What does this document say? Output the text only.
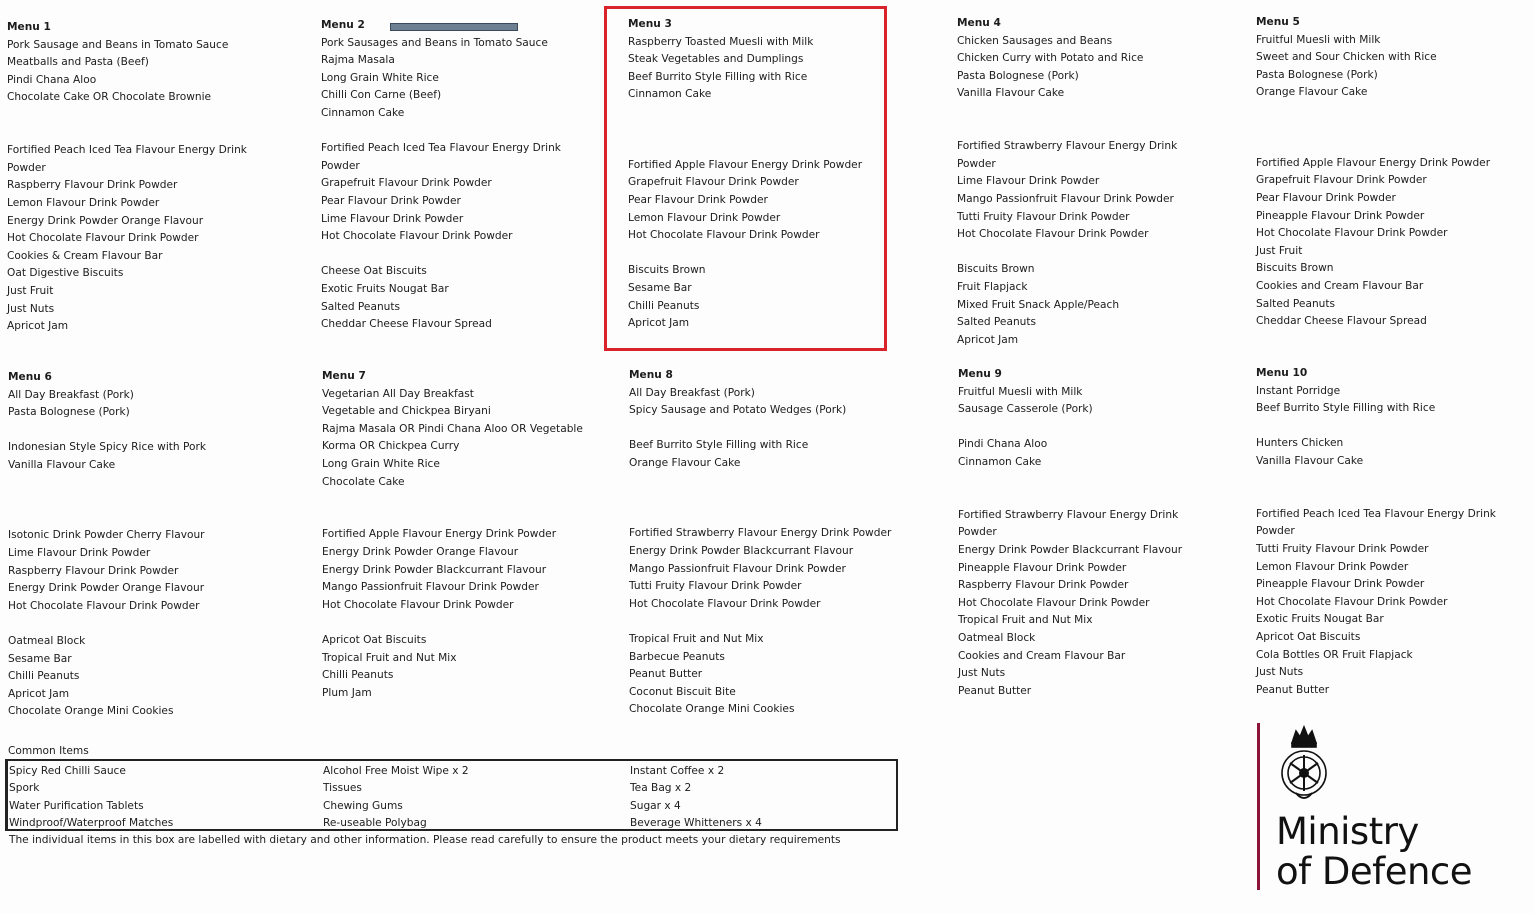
Menu 1
Pork Sausage and Beans in Tomato Sauce
Meatballs and Pasta (Beef)
Pindi Chana Aloo
Chocolate Cake OR Chocolate Brownie
Fortified Peach Iced Tea Flavour Energy Drink
Powder
Raspberry Flavour Drink Powder
Lemon Flavour Drink Powder
Energy Drink Powder Orange Flavour
Hot Chocolate Flavour Drink Powder
Cookies & Cream Flavour Bar
Oat Digestive Biscuits
Just Fruit
Just Nuts
Apricot Jam
Menu 2
Pork Sausages and Beans in Tomato Sauce
Rajma Masala
Long Grain White Rice
Chilli Con Carne (Beef)
Cinnamon Cake
Fortified Peach Iced Tea Flavour Energy Drink
Powder
Grapefruit Flavour Drink Powder
Pear Flavour Drink Powder
Lime Flavour Drink Powder
Hot Chocolate Flavour Drink Powder
Cheese Oat Biscuits
Exotic Fruits Nougat Bar
Salted Peanuts
Cheddar Cheese Flavour Spread
Menu 3
Raspberry Toasted Muesli with Milk
Steak Vegetables and Dumplings
Beef Burrito Style Filling with Rice
Cinnamon Cake
Fortified Apple Flavour Energy Drink Powder
Grapefruit Flavour Drink Powder
Pear Flavour Drink Powder
Lemon Flavour Drink Powder
Hot Chocolate Flavour Drink Powder
Biscuits Brown
Sesame Bar
Chilli Peanuts
Apricot Jam
Menu 4
Chicken Sausages and Beans
Chicken Curry with Potato and Rice
Pasta Bolognese (Pork)
Vanilla Flavour Cake
Fortified Strawberry Flavour Energy Drink
Powder
Lime Flavour Drink Powder
Mango Passionfruit Flavour Drink Powder
Tutti Fruity Flavour Drink Powder
Hot Chocolate Flavour Drink Powder
Biscuits Brown
Fruit Flapjack
Mixed Fruit Snack Apple/Peach
Salted Peanuts
Apricot Jam
Menu 5
Fruitful Muesli with Milk
Sweet and Sour Chicken with Rice
Pasta Bolognese (Pork)
Orange Flavour Cake
Fortified Apple Flavour Energy Drink Powder
Grapefruit Flavour Drink Powder
Pear Flavour Drink Powder
Pineapple Flavour Drink Powder
Hot Chocolate Flavour Drink Powder
Just Fruit
Biscuits Brown
Cookies and Cream Flavour Bar
Salted Peanuts
Cheddar Cheese Flavour Spread
Menu 6
All Day Breakfast (Pork)
Pasta Bolognese (Pork)
Indonesian Style Spicy Rice with Pork
Vanilla Flavour Cake
Isotonic Drink Powder Cherry Flavour
Lime Flavour Drink Powder
Raspberry Flavour Drink Powder
Energy Drink Powder Orange Flavour
Hot Chocolate Flavour Drink Powder
Oatmeal Block
Sesame Bar
Chilli Peanuts
Apricot Jam
Chocolate Orange Mini Cookies
Menu 7
Vegetarian All Day Breakfast
Vegetable and Chickpea Biryani
Rajma Masala OR Pindi Chana Aloo OR Vegetable
Korma OR Chickpea Curry
Long Grain White Rice
Chocolate Cake
Fortified Apple Flavour Energy Drink Powder
Energy Drink Powder Orange Flavour
Energy Drink Powder Blackcurrant Flavour
Mango Passionfruit Flavour Drink Powder
Hot Chocolate Flavour Drink Powder
Apricot Oat Biscuits
Tropical Fruit and Nut Mix
Chilli Peanuts
Plum Jam
Menu 8
All Day Breakfast (Pork)
Spicy Sausage and Potato Wedges (Pork)
Beef Burrito Style Filling with Rice
Orange Flavour Cake
Fortified Strawberry Flavour Energy Drink Powder
Energy Drink Powder Blackcurrant Flavour
Mango Passionfruit Flavour Drink Powder
Tutti Fruity Flavour Drink Powder
Hot Chocolate Flavour Drink Powder
Tropical Fruit and Nut Mix
Barbecue Peanuts
Peanut Butter
Coconut Biscuit Bite
Chocolate Orange Mini Cookies
Menu 9
Fruitful Muesli with Milk
Sausage Casserole (Pork)
Pindi Chana Aloo
Cinnamon Cake
Fortified Strawberry Flavour Energy Drink
Powder
Energy Drink Powder Blackcurrant Flavour
Pineapple Flavour Drink Powder
Raspberry Flavour Drink Powder
Hot Chocolate Flavour Drink Powder
Tropical Fruit and Nut Mix
Oatmeal Block
Cookies and Cream Flavour Bar
Just Nuts
Peanut Butter
Menu 10
Instant Porridge
Beef Burrito Style Filling with Rice
Hunters Chicken
Vanilla Flavour Cake
Fortified Peach Iced Tea Flavour Energy Drink
Powder
Tutti Fruity Flavour Drink Powder
Lemon Flavour Drink Powder
Pineapple Flavour Drink Powder
Hot Chocolate Flavour Drink Powder
Exotic Fruits Nougat Bar
Apricot Oat Biscuits
Cola Bottles OR Fruit Flapjack
Just Nuts
Peanut Butter
Common Items
Spicy Red Chilli Sauce
Spork
Water Purification Tablets
Windproof/Waterproof Matches
Alcohol Free Moist Wipe x 2
Tissues
Chewing Gums
Re-useable Polybag
Instant Coffee x 2
Tea Bag x 2
Sugar x 4
Beverage Whitteners x 4
The individual items in this box are labelled with dietary and other information. Please read carefully to ensure the product meets your dietary requirements	Ministry
of Defence
